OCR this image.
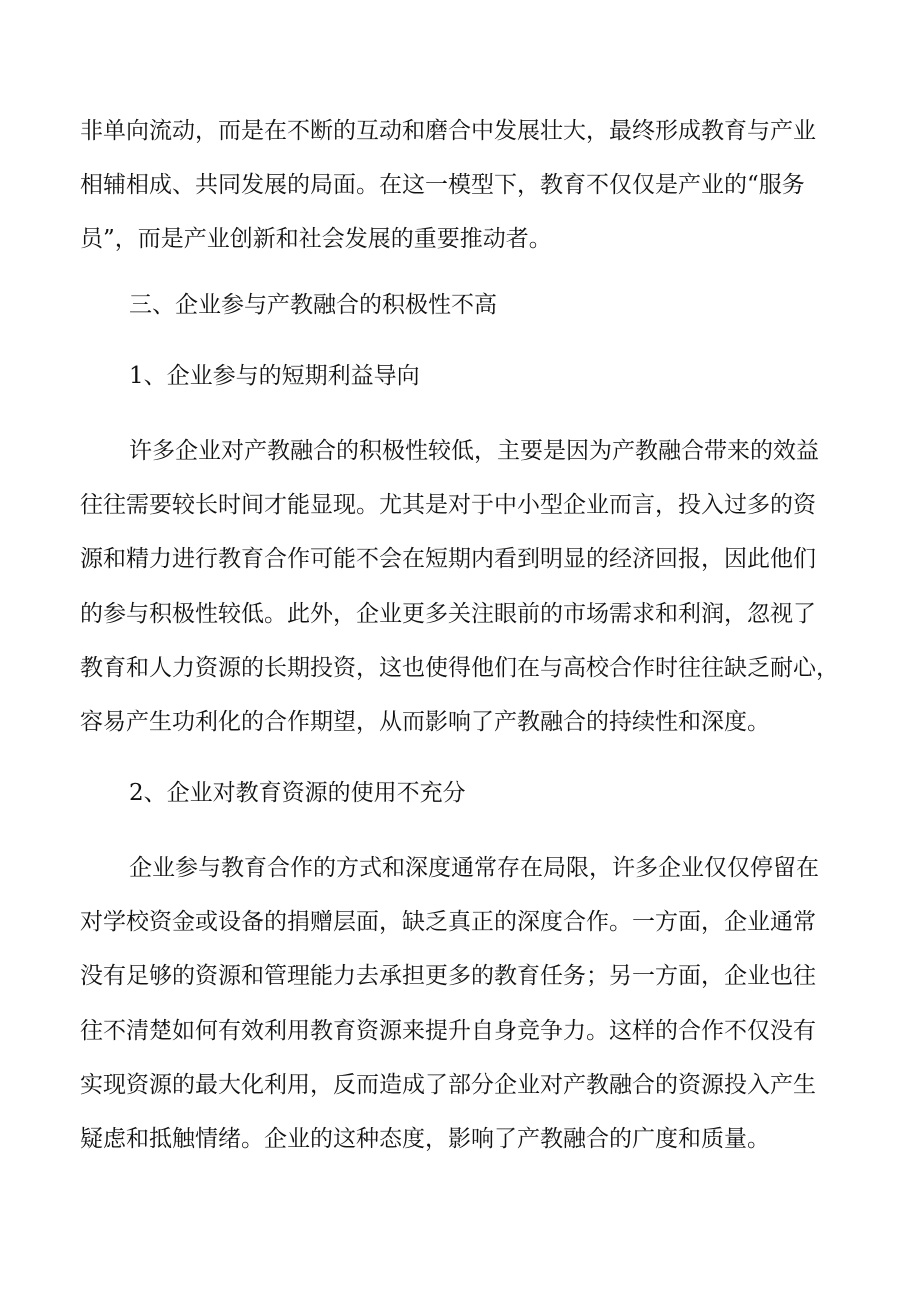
非单向流动，而是在不断的互动和磨合中发展壮大，最终形成教育与产业
相辅相成、共同发展的局面。在这一模型下，教育不仅仅是产业的“服务
员”，而是产业创新和社会发展的重要推动者。
三、企业参与产教融合的积极性不高
1、企业参与的短期利益导向
许多企业对产教融合的积极性较低，主要是因为产教融合带来的效益
往往需要较长时间才能显现。尤其是对于中小型企业而言，投入过多的资
源和精力进行教育合作可能不会在短期内看到明显的经济回报，因此他们
的参与积极性较低。此外，企业更多关注眼前的市场需求和利润，忽视了
教育和人力资源的长期投资，这也使得他们在与高校合作时往往缺乏耐心，
容易产生功利化的合作期望，从而影响了产教融合的持续性和深度。
2、企业对教育资源的使用不充分
企业参与教育合作的方式和深度通常存在局限，许多企业仅仅停留在
对学校资金或设备的捐赠层面，缺乏真正的深度合作。一方面，企业通常
没有足够的资源和管理能力去承担更多的教育任务；另一方面，企业也往
往不清楚如何有效利用教育资源来提升自身竞争力。这样的合作不仅没有
实现资源的最大化利用，反而造成了部分企业对产教融合的资源投入产生
疑虑和抵触情绪。企业的这种态度，影响了产教融合的广度和质量。
